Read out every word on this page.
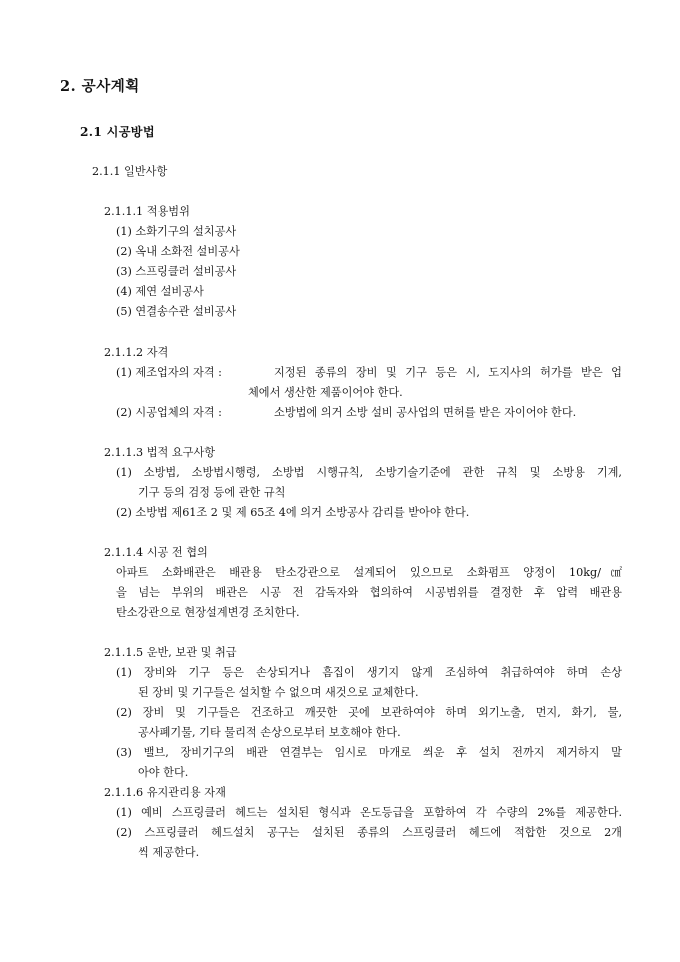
2. 공사계획
2.1 시공방법
2.1.1 일반사항
2.1.1.1 적용범위
(1) 소화기구의 설치공사
(2) 옥내 소화전 설비공사
(3) 스프링클러 설비공사
(4) 제연 설비공사
(5) 연결송수관 설비공사
2.1.1.2 자격
(1) 제조업자의 자격 :	지정된 종류의 장비 및 기구 등은 시, 도지사의 허가를 받은 업
체에서 생산한 제품이어야 한다.
(2) 시공업체의 자격 :	소방법에 의거 소방 설비 공사업의 면허를 받은 자이어야 한다.
2.1.1.3 법적 요구사항
(1) 소방법, 소방법시행령, 소방법 시행규칙, 소방기술기준에 관한 규칙 및 소방용 기계,
기구 등의 검정 등에 관한 규칙
(2) 소방법 제61조 2 및 제 65조 4에 의거 소방공사 감리를 받아야 한다.
2.1.1.4 시공 전 협의
아파트 소화배관은 배관용 탄소강관으로 설계되어 있으므로 소화펌프 양정이 10kg/㎠
을 넘는 부위의 배관은 시공 전 감독자와 협의하여 시공범위를 결정한 후 압력 배관용
탄소강관으로 현장설계변경 조치한다.
2.1.1.5 운반, 보관 및 취급
(1) 장비와 기구 등은 손상되거나 흠집이 생기지 않게 조심하여 취급하여야 하며 손상
된 장비 및 기구들은 설치할 수 없으며 새것으로 교체한다.
(2) 장비 및 기구들은 건조하고 깨끗한 곳에 보관하여야 하며 외기노출, 먼지, 화기, 물,
공사폐기물, 기타 물리적 손상으로부터 보호해야 한다.
(3) 밸브, 장비기구의 배관 연결부는 임시로 마개로 씌운 후 설치 전까지 제거하지 말
아야 한다.
2.1.1.6 유지관리용 자재
(1) 예비 스프링클러 헤드는 설치된 형식과 온도등급을 포함하여 각 수량의 2%를 제공한다.
(2) 스프링클러 헤드설치 공구는 설치된 종류의 스프링클러 헤드에 적합한 것으로 2개
씩 제공한다.
